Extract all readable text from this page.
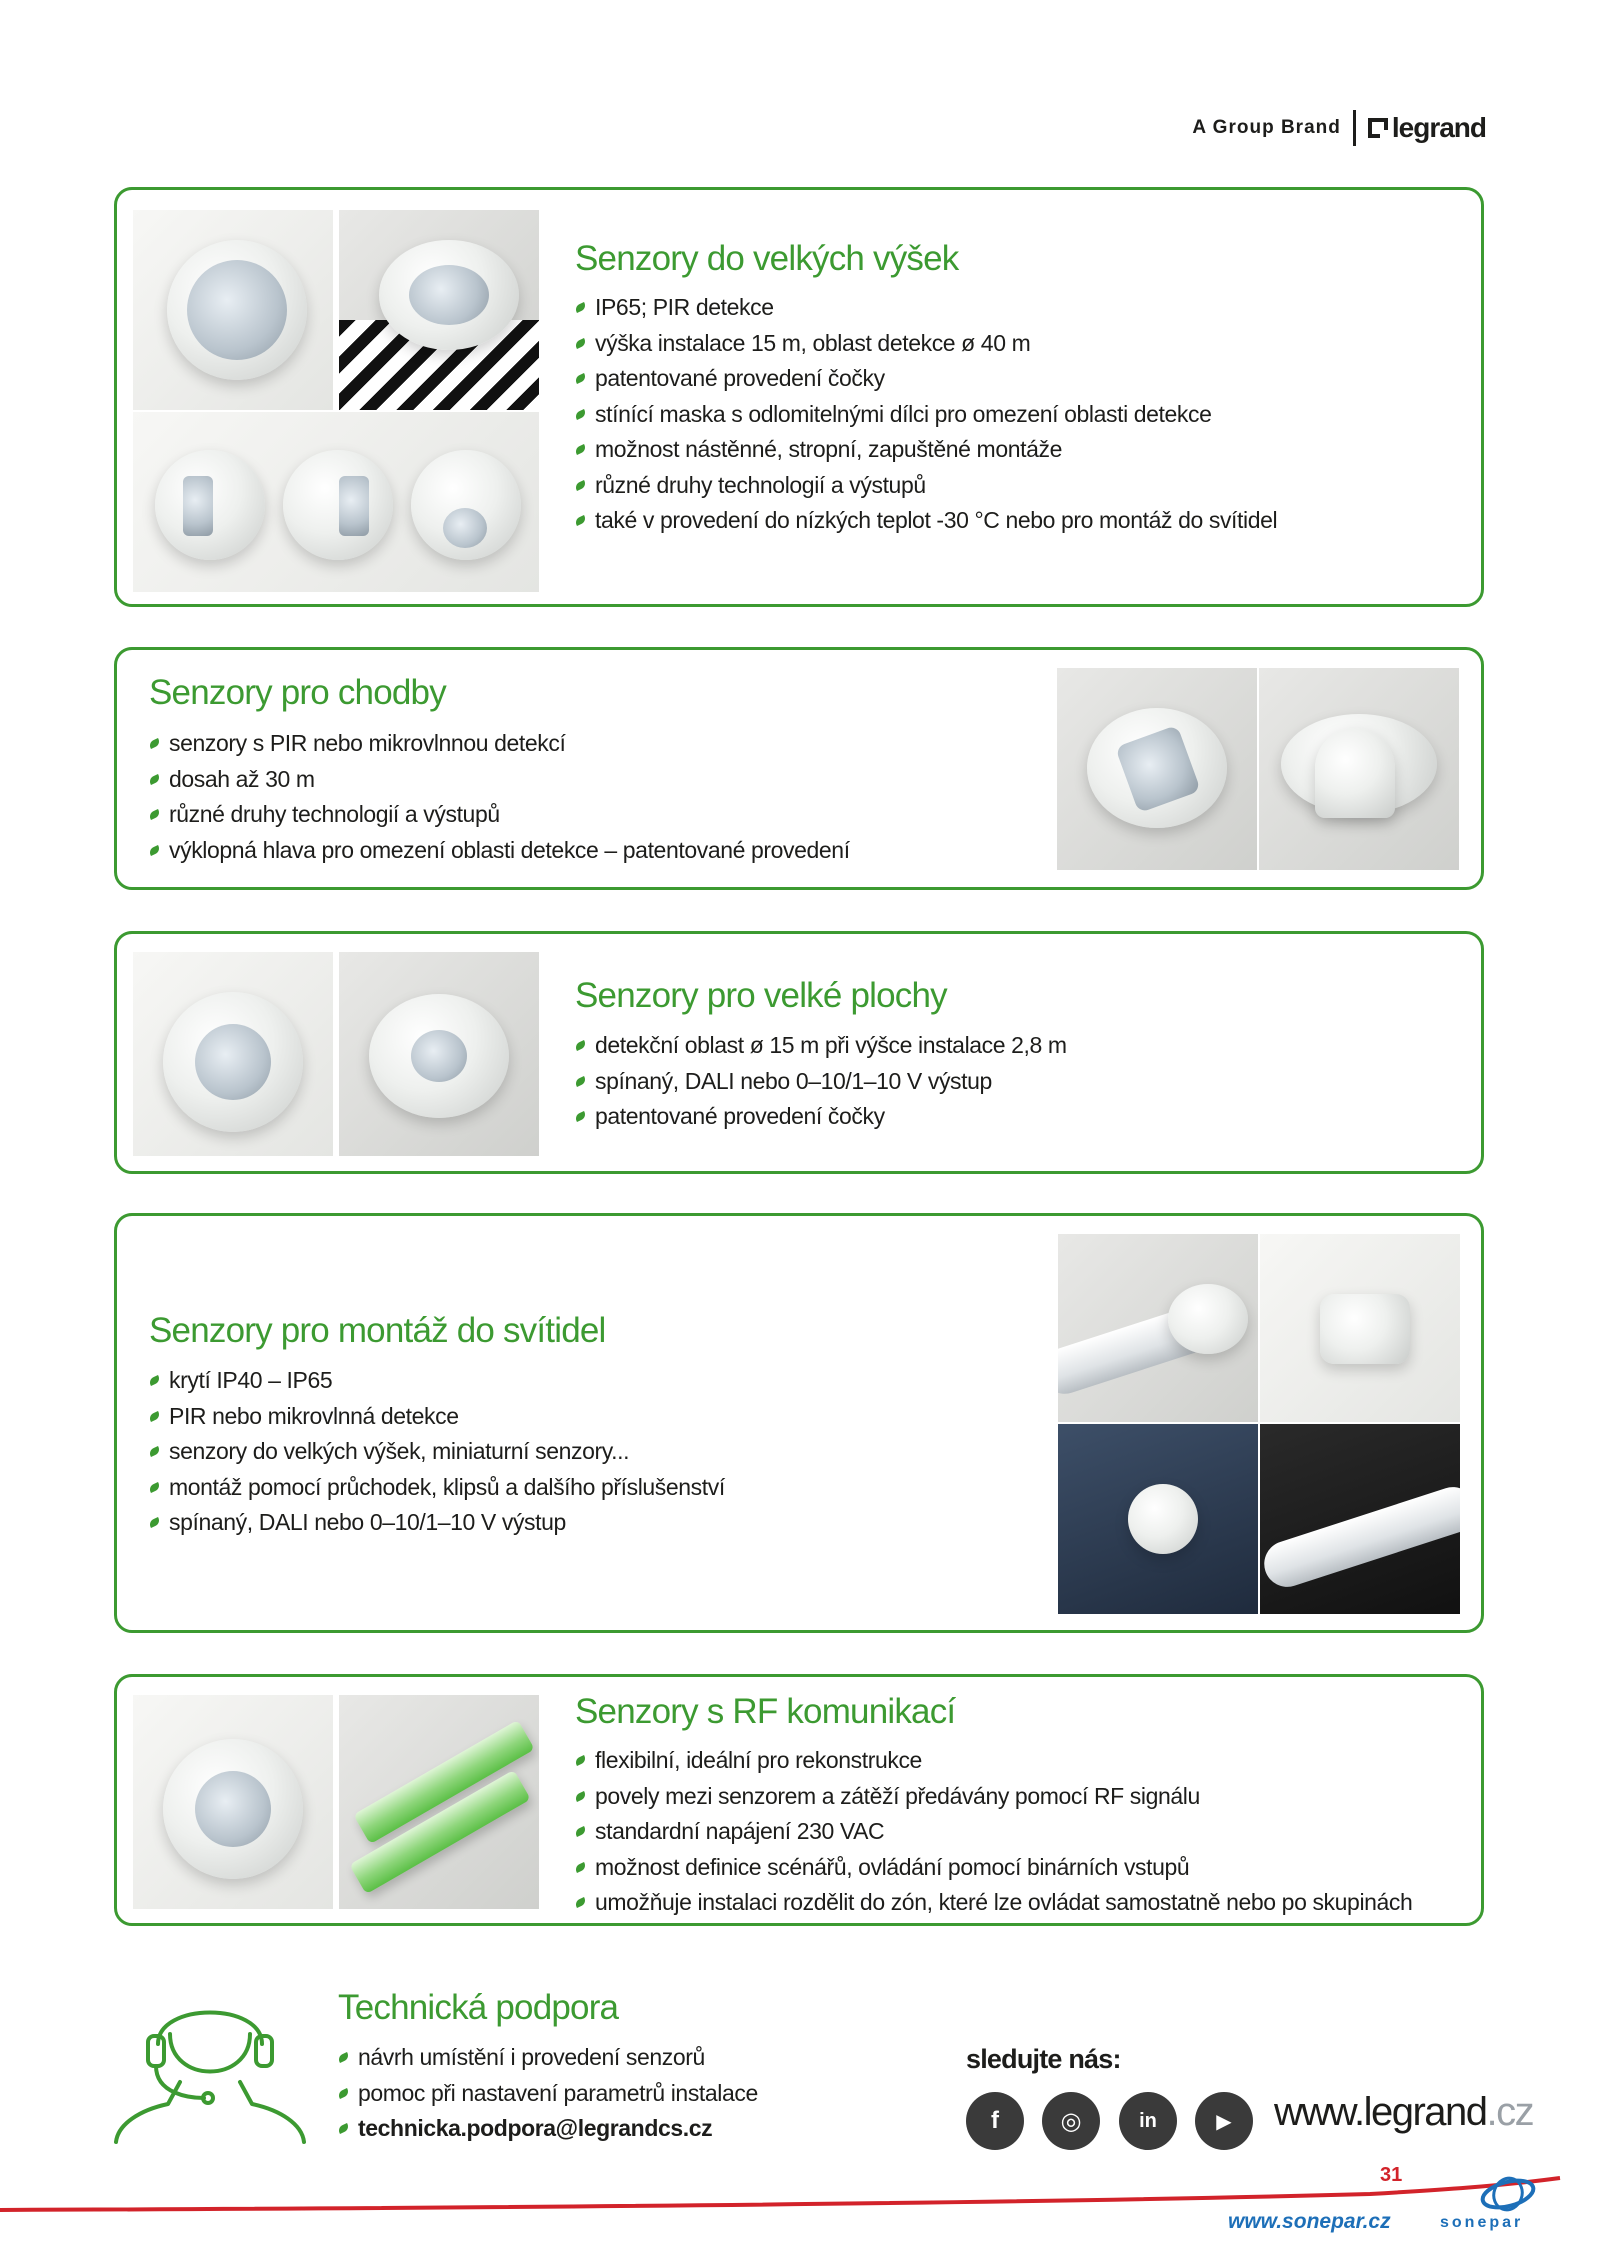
A Group Brand legrand
Senzory do velkých výšek
IP65; PIR detekce
výška instalace 15 m, oblast detekce ø 40 m
patentované provedení čočky
stínící maska s odlomitelnými dílci pro omezení oblasti detekce
možnost nástěnné, stropní, zapuštěné montáže
různé druhy technologií a výstupů
také v provedení do nízkých teplot -30 °C nebo pro montáž do svítidel
Senzory pro chodby
senzory s PIR nebo mikrovlnnou detekcí
dosah až 30 m
různé druhy technologií a výstupů
výklopná hlava pro omezení oblasti detekce – patentované provedení
Senzory pro velké plochy
detekční oblast ø 15 m při výšce instalace 2,8 m
spínaný, DALI nebo 0–10/1–10 V výstup
patentované provedení čočky
Senzory pro montáž do svítidel
krytí IP40 – IP65
PIR nebo mikrovlnná detekce
senzory do velkých výšek, miniaturní senzory...
montáž pomocí průchodek, klipsů a dalšího příslušenství
spínaný, DALI nebo 0–10/1–10 V výstup
Senzory s RF komunikací
flexibilní, ideální pro rekonstrukce
povely mezi senzorem a zátěží předávány pomocí RF signálu
standardní napájení 230 VAC
možnost definice scénářů, ovládání pomocí binárních vstupů
umožňuje instalaci rozdělit do zón, které lze ovládat samostatně nebo po skupinách
Technická podpora
návrh umístění i provedení senzorů
pomoc při nastavení parametrů instalace
technicka.podpora@legrandcs.cz
sledujte nás:
f	◎	in	▶	www.legrand.cz
31
www.sonepar.cz	sonepar
